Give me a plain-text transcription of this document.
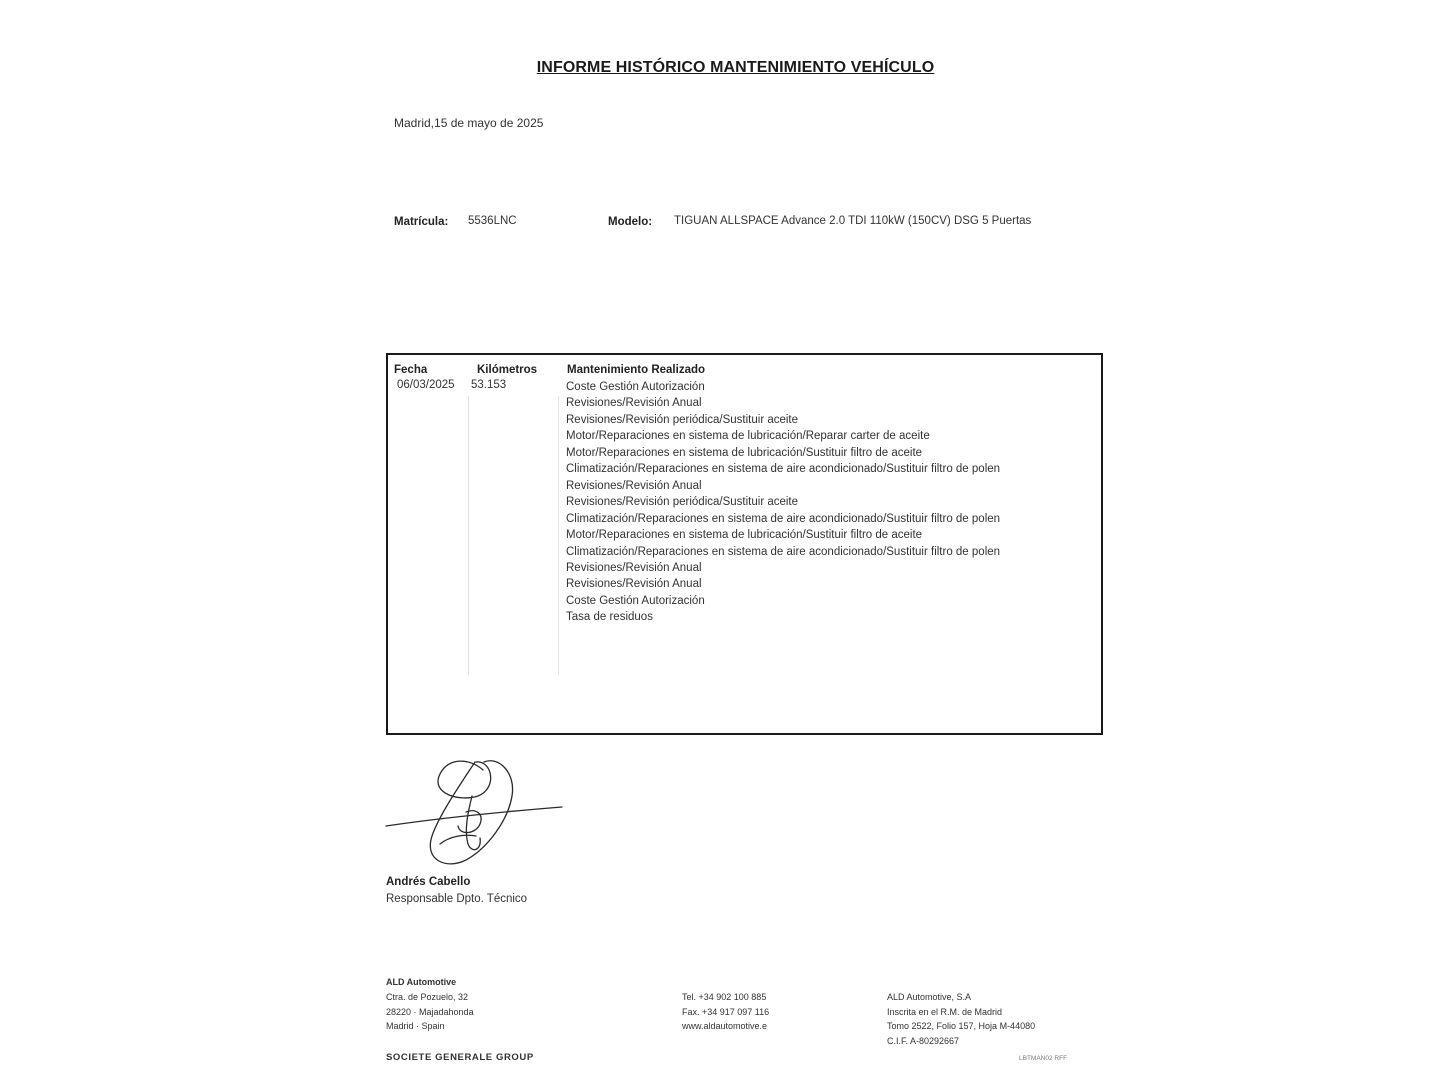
INFORME HISTÓRICO MANTENIMIENTO VEHÍCULO
Madrid,15 de mayo de 2025
Matrícula: 5536LNC	Modelo: TIGUAN ALLSPACE Advance 2.0 TDI 110kW (150CV) DSG 5 Puertas
Fecha	Kilómetros	Mantenimiento Realizado
06/03/2025 53.153	Coste Gestión Autorización
Revisiones/Revisión Anual
Revisiones/Revisión periódica/Sustituir aceite
Motor/Reparaciones en sistema de lubricación/Reparar carter de aceite
Motor/Reparaciones en sistema de lubricación/Sustituir filtro de aceite
Climatización/Reparaciones en sistema de aire acondicionado/Sustituir filtro de polen
Revisiones/Revisión Anual
Revisiones/Revisión periódica/Sustituir aceite
Climatización/Reparaciones en sistema de aire acondicionado/Sustituir filtro de polen
Motor/Reparaciones en sistema de lubricación/Sustituir filtro de aceite
Climatización/Reparaciones en sistema de aire acondicionado/Sustituir filtro de polen
Revisiones/Revisión Anual
Revisiones/Revisión Anual
Coste Gestión Autorización
Tasa de residuos
Andrés Cabello
Responsable Dpto. Técnico
ALD Automotive
Ctra. de Pozuelo, 32
28220 · Majadahonda
Madrid · Spain
Tel. +34 902 100 885
Fax. +34 917 097 116
www.aldautomotive.e
ALD Automotive, S.A
Inscrita en el R.M. de Madrid
Tomo 2522, Folio 157, Hoja M-44080
C.I.F. A-80292667
SOCIETE GENERALE GROUP	LBTMAN02 RFF
